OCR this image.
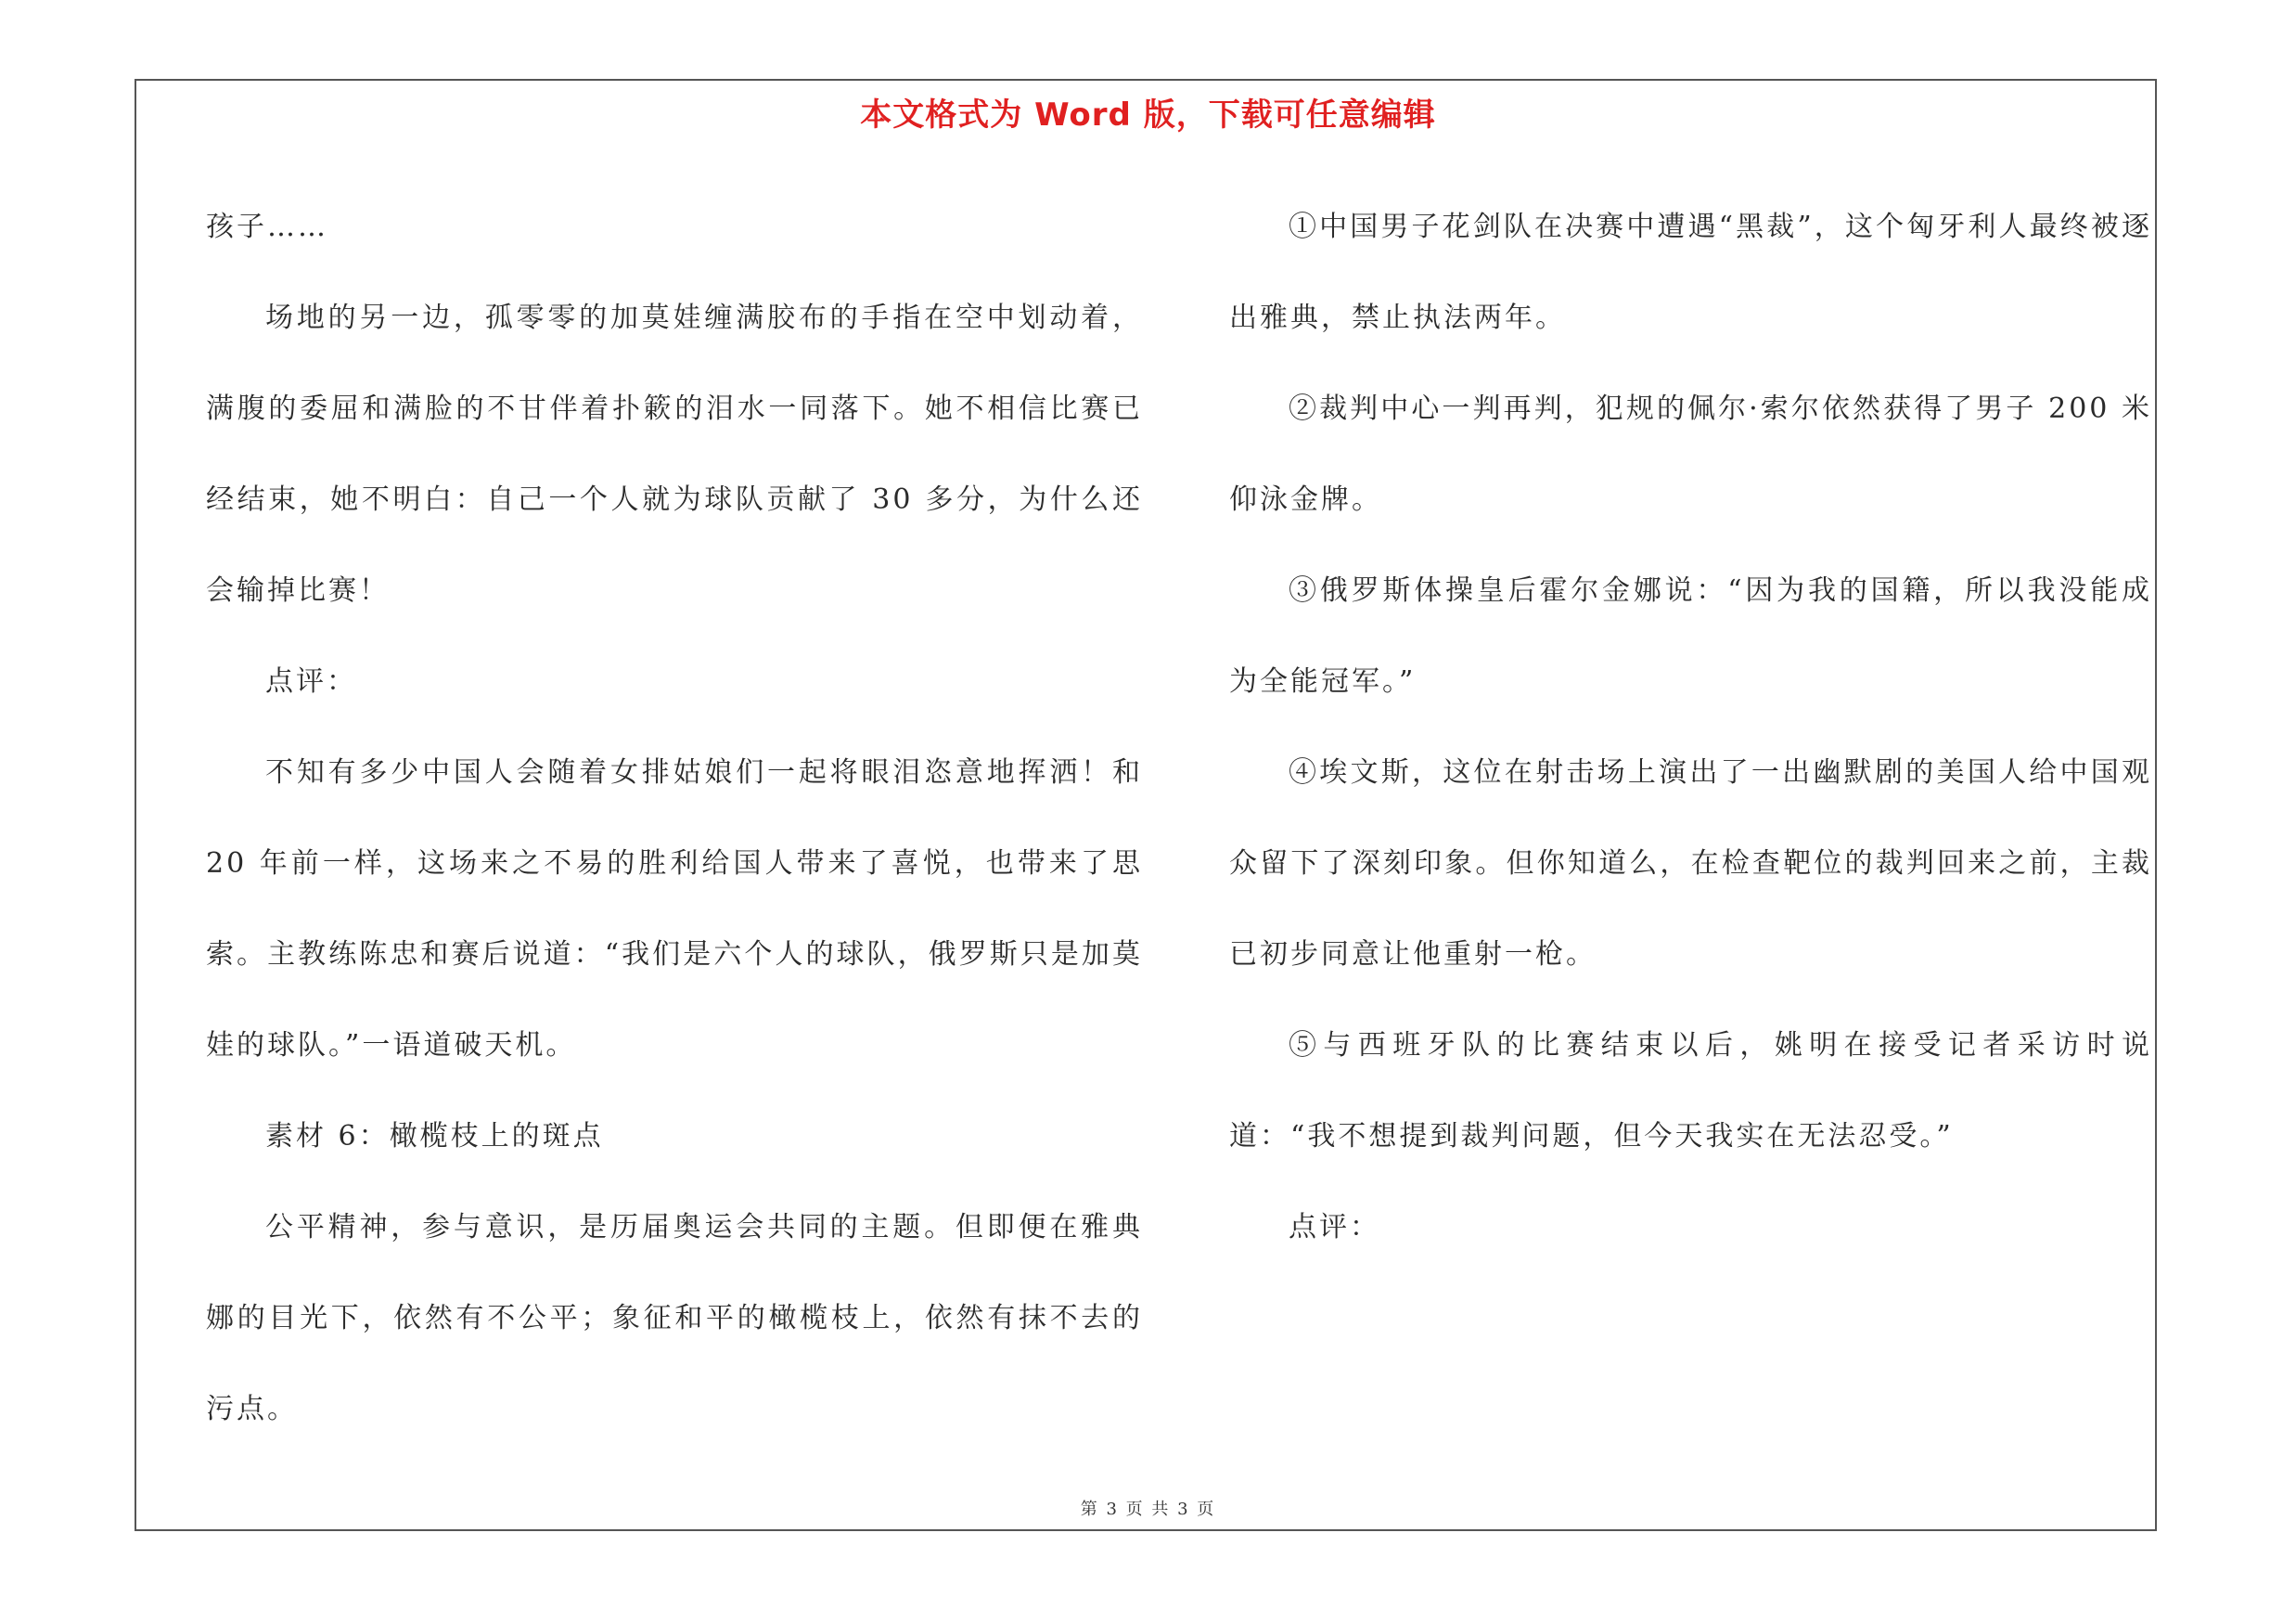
本文格式为 Word 版，下载可任意编辑

孩子……

场地的另一边，孤零零的加莫娃缠满胶布的手指在空中划动着，满腹的委屈和满脸的不甘伴着扑簌的泪水一同落下。她不相信比赛已经结束，她不明白：自己一个人就为球队贡献了 30 多分，为什么还会输掉比赛！

点评：

不知有多少中国人会随着女排姑娘们一起将眼泪恣意地挥洒！和 20 年前一样，这场来之不易的胜利给国人带来了喜悦，也带来了思索。主教练陈忠和赛后说道：“我们是六个人的球队，俄罗斯只是加莫娃的球队。”一语道破天机。

素材 6：橄榄枝上的斑点

公平精神，参与意识，是历届奥运会共同的主题。但即便在雅典娜的目光下，依然有不公平；象征和平的橄榄枝上，依然有抹不去的污点。

①中国男子花剑队在决赛中遭遇“黑裁”，这个匈牙利人最终被逐出雅典，禁止执法两年。

②裁判中心一判再判，犯规的佩尔·索尔依然获得了男子 200 米仰泳金牌。

③俄罗斯体操皇后霍尔金娜说：“因为我的国籍，所以我没能成为全能冠军。”

④埃文斯，这位在射击场上演出了一出幽默剧的美国人给中国观众留下了深刻印象。但你知道么，在检查靶位的裁判回来之前，主裁已初步同意让他重射一枪。

⑤与西班牙队的比赛结束以后，姚明在接受记者采访时说道：“我不想提到裁判问题，但今天我实在无法忍受。”

点评：

第 3 页 共 3 页
